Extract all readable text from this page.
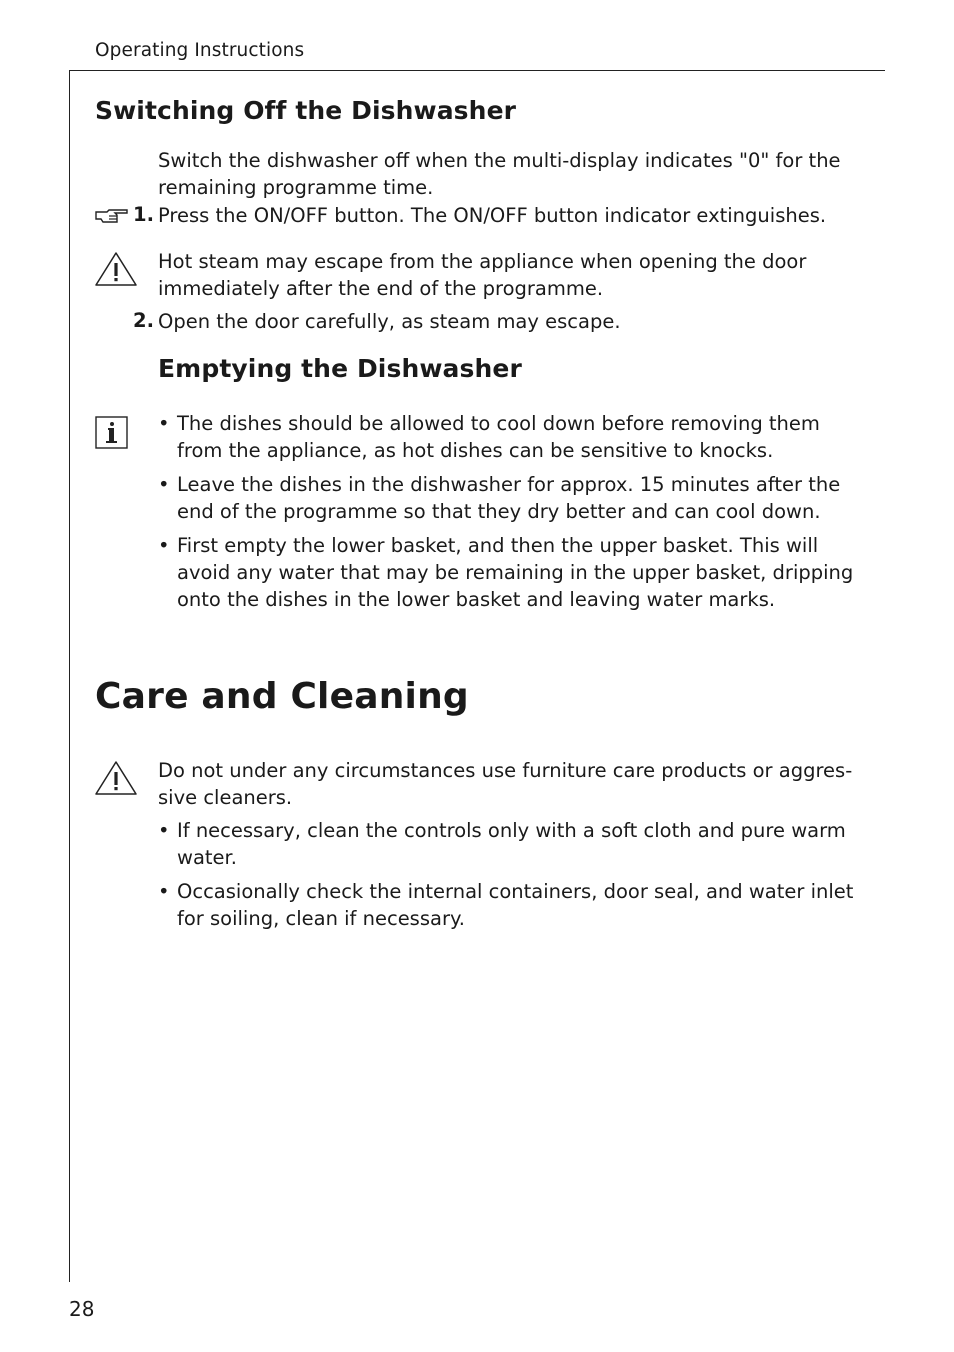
Operating Instructions
Switching Off the Dishwasher
Switch the dishwasher off when the multi-display indicates "0" for the
remaining programme time.
1. Press the ON/OFF button. The ON/OFF button indicator extinguishes.
Hot steam may escape from the appliance when opening the door
immediately after the end of the programme.
2. Open the door carefully, as steam may escape.
Emptying the Dishwasher
• The dishes should be allowed to cool down before removing them
from the appliance, as hot dishes can be sensitive to knocks.
• Leave the dishes in the dishwasher for approx. 15 minutes after the
end of the programme so that they dry better and can cool down.
• First empty the lower basket, and then the upper basket. This will
avoid any water that may be remaining in the upper basket, dripping
onto the dishes in the lower basket and leaving water marks.
Care and Cleaning
Do not under any circumstances use furniture care products or aggres-
sive cleaners.
• If necessary, clean the controls only with a soft cloth and pure warm
water.
• Occasionally check the internal containers, door seal, and water inlet
for soiling, clean if necessary.
28
